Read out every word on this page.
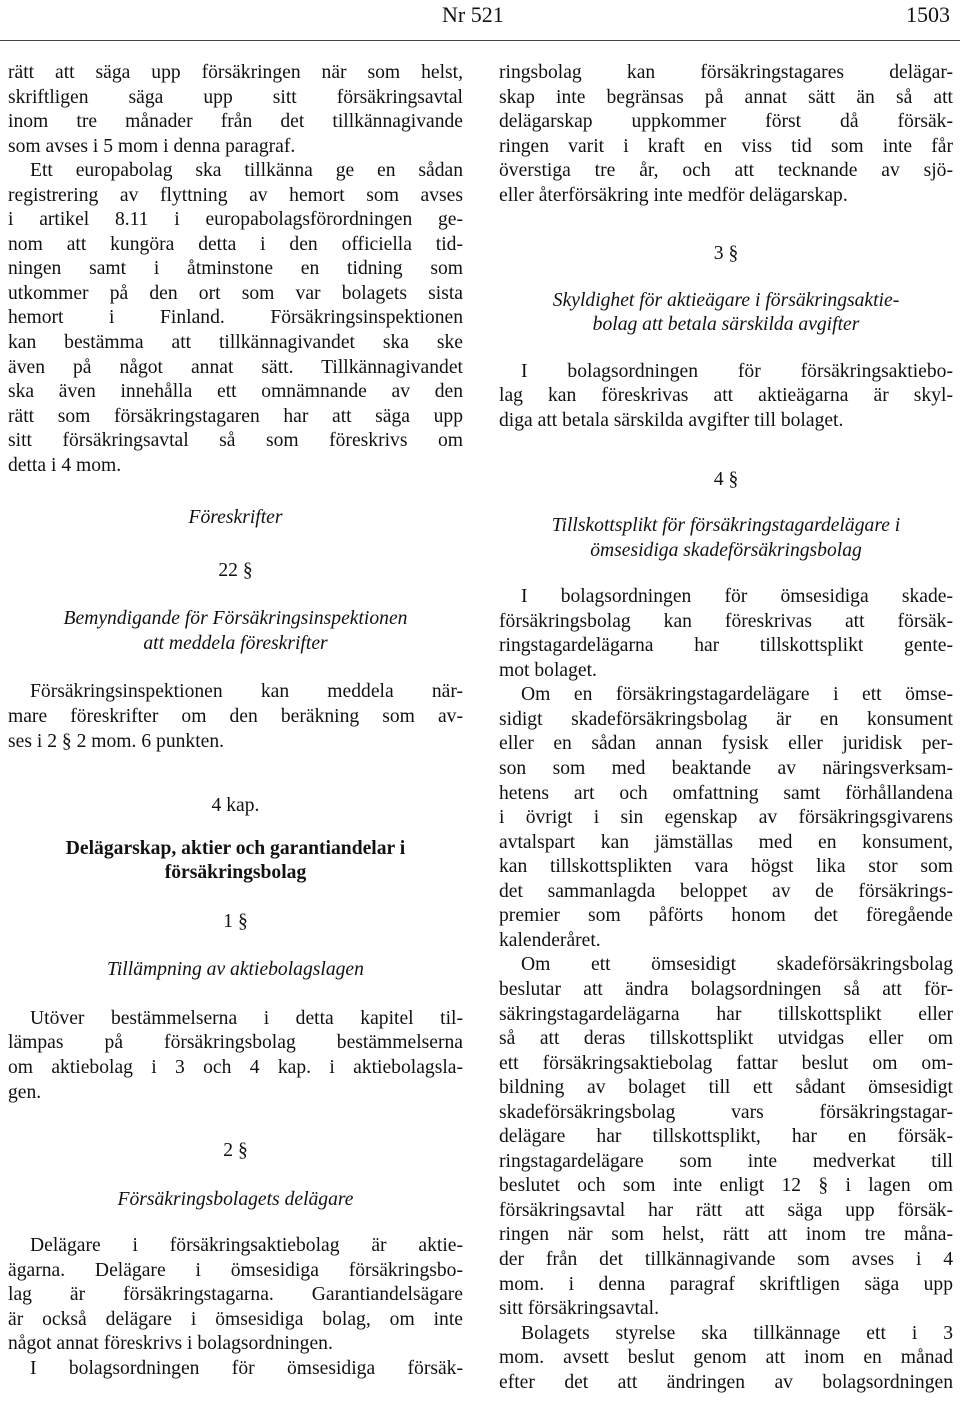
Nr 521	1503

rätt att säga upp försäkringen när som helst,
skriftligen säga upp sitt försäkringsavtal
inom tre månader från det tillkännagivande
som avses i 5 mom i denna paragraf.

Ett europabolag ska tillkänna ge en sådan
registrering av flyttning av hemort som avses
i artikel 8.11 i europabolagsförordningen ge-
nom att kungöra detta i den officiella tid-
ningen samt i åtminstone en tidning som
utkommer på den ort som var bolagets sista
hemort i Finland. Försäkringsinspektionen
kan bestämma att tillkännagivandet ska ske
även på något annat sätt. Tillkännagivandet
ska även innehålla ett omnämnande av den
rätt som försäkringstagaren har att säga upp
sitt försäkringsavtal så som föreskrivs om
detta i 4 mom.

Föreskrifter

22 §

Bemyndigande för Försäkringsinspektionen
att meddela föreskrifter

Försäkringsinspektionen kan meddela när-
mare föreskrifter om den beräkning som av-
ses i 2 § 2 mom. 6 punkten.

4 kap.

Delägarskap, aktier och garantiandelar i
försäkringsbolag

1 §

Tillämpning av aktiebolagslagen

Utöver bestämmelserna i detta kapitel til-
lämpas på försäkringsbolag bestämmelserna
om aktiebolag i 3 och 4 kap. i aktiebolagsla-
gen.

2 §

Försäkringsbolagets delägare

Delägare i försäkringsaktiebolag är aktie-
ägarna. Delägare i ömsesidiga försäkringsbo-
lag är försäkringstagarna. Garantiandelsägare
är också delägare i ömsesidiga bolag, om inte
något annat föreskrivs i bolagsordningen.

I bolagsordningen för ömsesidiga försäk-

ringsbolag kan försäkringstagares delägar-
skap inte begränsas på annat sätt än så att
delägarskap uppkommer först då försäk-
ringen varit i kraft en viss tid som inte får
överstiga tre år, och att tecknande av sjö-
eller återförsäkring inte medför delägarskap.

3 §

Skyldighet för aktieägare i försäkringsaktie-
bolag att betala särskilda avgifter

I bolagsordningen för försäkringsaktiebo-
lag kan föreskrivas att aktieägarna är skyl-
diga att betala särskilda avgifter till bolaget.

4 §

Tillskottsplikt för försäkringstagardelägare i
ömsesidiga skadeförsäkringsbolag

I bolagsordningen för ömsesidiga skade-
försäkringsbolag kan föreskrivas att försäk-
ringstagardelägarna har tillskottsplikt gente-
mot bolaget.

Om en försäkringstagardelägare i ett ömse-
sidigt skadeförsäkringsbolag är en konsument
eller en sådan annan fysisk eller juridisk per-
son som med beaktande av näringsverksam-
hetens art och omfattning samt förhållandena
i övrigt i sin egenskap av försäkringsgivarens
avtalspart kan jämställas med en konsument,
kan tillskottsplikten vara högst lika stor som
det sammanlagda beloppet av de försäkrings-
premier som påförts honom det föregående
kalenderåret.

Om ett ömsesidigt skadeförsäkringsbolag
beslutar att ändra bolagsordningen så att för-
säkringstagardelägarna har tillskottsplikt eller
så att deras tillskottsplikt utvidgas eller om
ett försäkringsaktiebolag fattar beslut om om-
bildning av bolaget till ett sådant ömsesidigt
skadeförsäkringsbolag vars försäkringstagar-
delägare har tillskottsplikt, har en försäk-
ringstagardelägare som inte medverkat till
beslutet och som inte enligt 12 § i lagen om
försäkringsavtal har rätt att säga upp försäk-
ringen när som helst, rätt att inom tre måna-
der från det tillkännagivande som avses i 4
mom. i denna paragraf skriftligen säga upp
sitt försäkringsavtal.

Bolagets styrelse ska tillkännage ett i 3
mom. avsett beslut genom att inom en månad
efter det att ändringen av bolagsordningen
